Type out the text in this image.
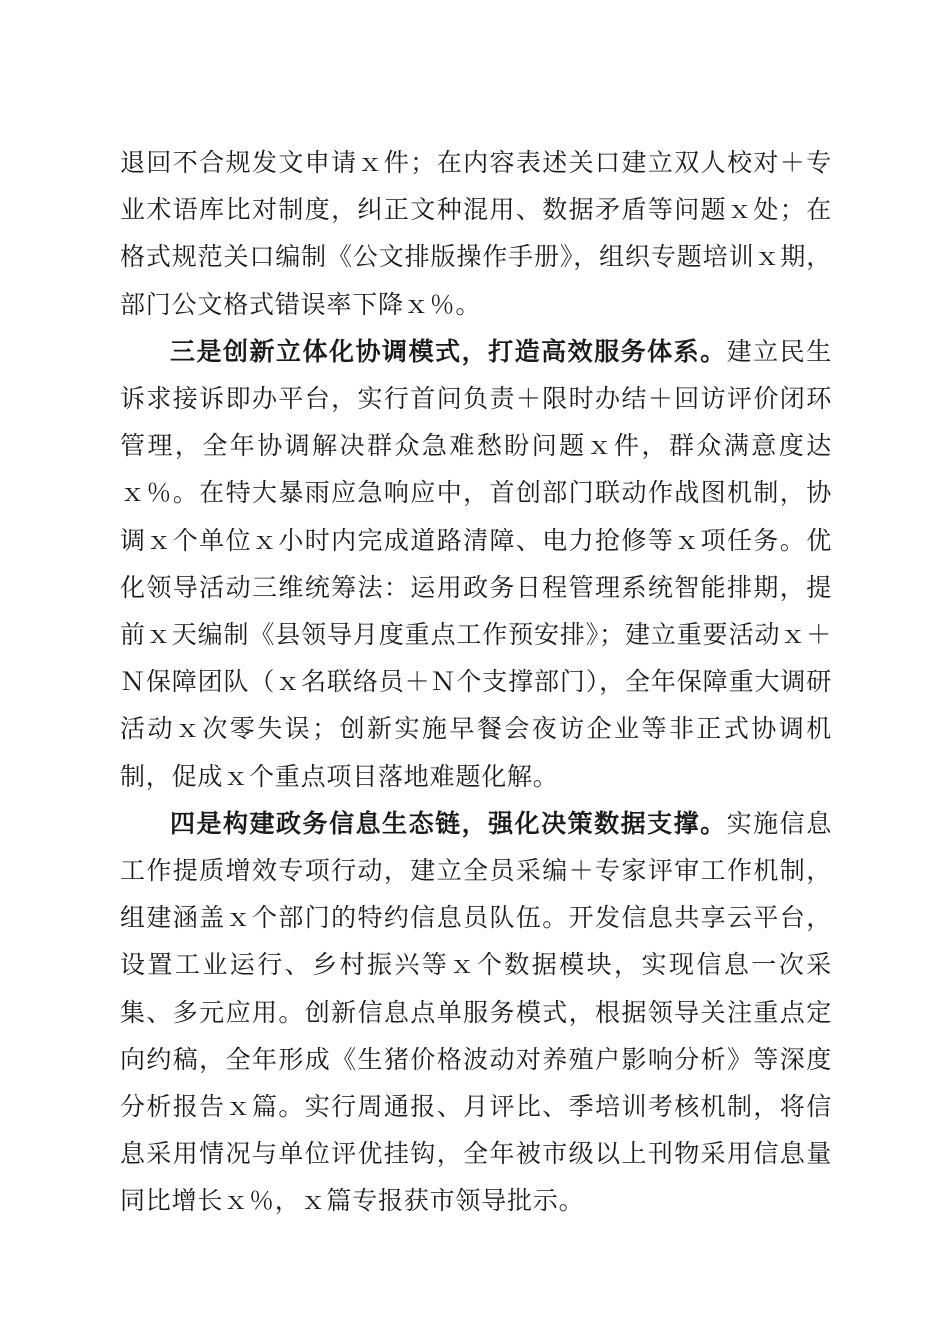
退回不合规发文申请ｘ件；在内容表述关口建立双人校对＋专业术语库比对制度，纠正文种混用、数据矛盾等问题ｘ处；在格式规范关口编制《公文排版操作手册》，组织专题培训ｘ期，部门公文格式错误率下降ｘ％。

三是创新立体化协调模式，打造高效服务体系。建立民生诉求接诉即办平台，实行首问负责＋限时办结＋回访评价闭环管理，全年协调解决群众急难愁盼问题ｘ件，群众满意度达ｘ％。在特大暴雨应急响应中，首创部门联动作战图机制，协调ｘ个单位ｘ小时内完成道路清障、电力抢修等ｘ项任务。优化领导活动三维统筹法：运用政务日程管理系统智能排期，提前ｘ天编制《县领导月度重点工作预安排》；建立重要活动ｘ＋Ｎ保障团队（ｘ名联络员＋Ｎ个支撑部门），全年保障重大调研活动ｘ次零失误；创新实施早餐会夜访企业等非正式协调机制，促成ｘ个重点项目落地难题化解。

四是构建政务信息生态链，强化决策数据支撑。实施信息工作提质增效专项行动，建立全员采编＋专家评审工作机制，组建涵盖ｘ个部门的特约信息员队伍。开发信息共享云平台，设置工业运行、乡村振兴等ｘ个数据模块，实现信息一次采集、多元应用。创新信息点单服务模式，根据领导关注重点定向约稿，全年形成《生猪价格波动对养殖户影响分析》等深度分析报告ｘ篇。实行周通报、月评比、季培训考核机制，将信息采用情况与单位评优挂钩，全年被市级以上刊物采用信息量同比增长ｘ％，ｘ篇专报获市领导批示。
